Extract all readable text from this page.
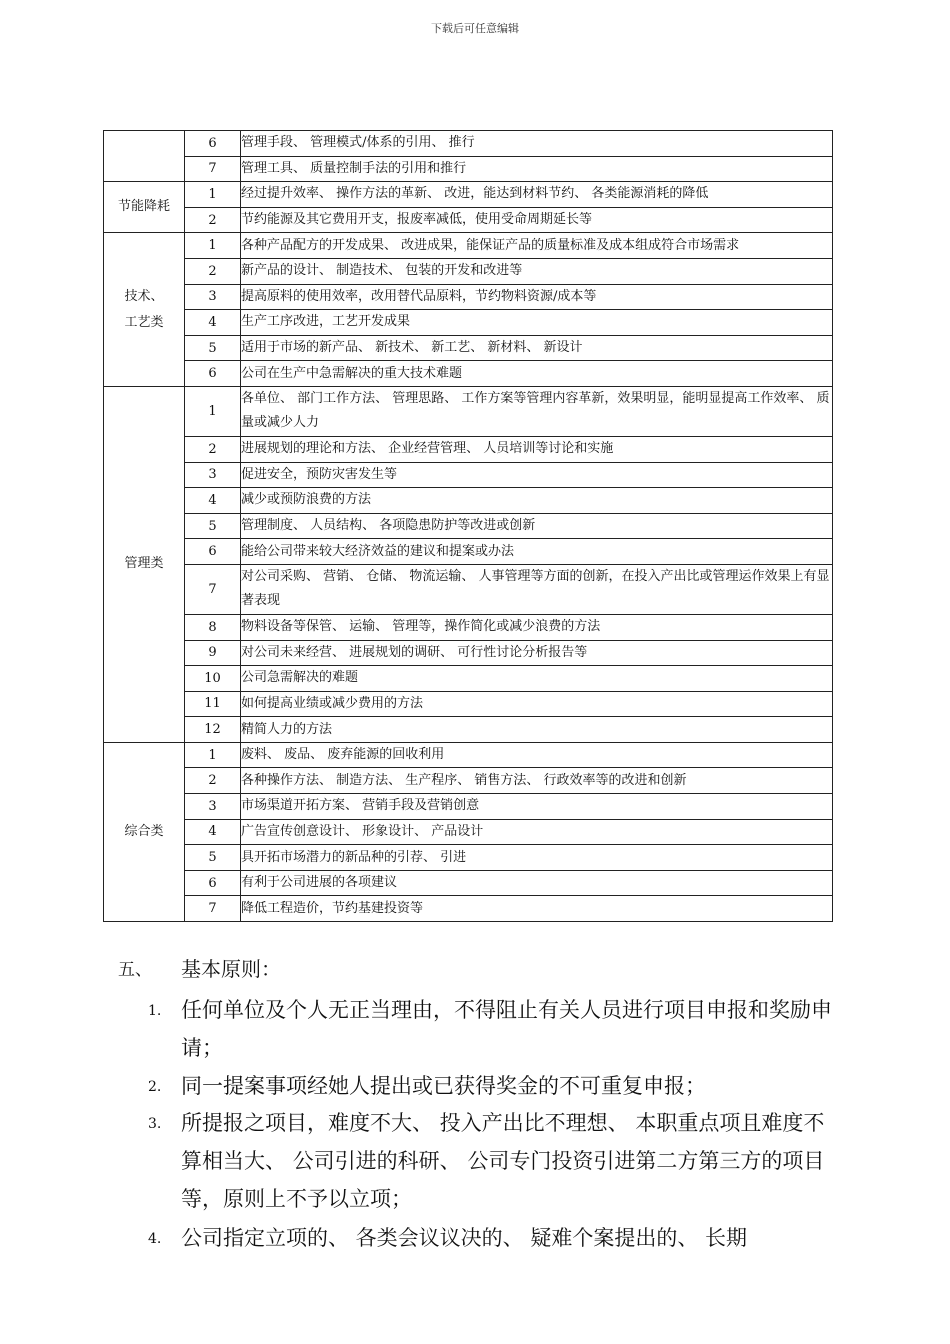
下载后可任意编辑
	6	管理手段、 管理模式/体系的引用、 推行
	7	管理工具、 质量控制手法的引用和推行
节能降耗	1	经过提升效率、 操作方法的革新、 改进，能达到材料节约、 各类能源消耗的降低
	2	节约能源及其它费用开支，报废率减低，使用受命周期延长等
技术、
工艺类	1	各种产品配方的开发成果、 改进成果，能保证产品的质量标准及成本组成符合市场需求
	2	新产品的设计、 制造技术、 包装的开发和改进等
	3	提高原料的使用效率，改用替代品原料，节约物料资源/成本等
	4	生产工序改进，工艺开发成果
	5	适用于市场的新产品、 新技术、 新工艺、 新材料、 新设计
	6	公司在生产中急需解决的重大技术难题
管理类	1	各单位、 部门工作方法、 管理思路、 工作方案等管理内容革新，效果明显，能明显提高工作效率、 质量或减少人力
	2	进展规划的理论和方法、 企业经营管理、 人员培训等讨论和实施
	3	促进安全，预防灾害发生等
	4	减少或预防浪费的方法
	5	管理制度、 人员结构、 各项隐患防护等改进或创新
	6	能给公司带来较大经济效益的建议和提案或办法
	7	对公司采购、 营销、 仓储、 物流运输、 人事管理等方面的创新，在投入产出比或管理运作效果上有显著表现
	8	物料设备等保管、 运输、 管理等，操作简化或减少浪费的方法
	9	对公司未来经营、 进展规划的调研、 可行性讨论分析报告等
	10	公司急需解决的难题
	11	如何提高业绩或减少费用的方法
	12	精简人力的方法
综合类	1	废料、 废品、 废弃能源的回收利用
	2	各种操作方法、 制造方法、 生产程序、 销售方法、 行政效率等的改进和创新
	3	市场渠道开拓方案、 营销手段及营销创意
	4	广告宣传创意设计、 形象设计、 产品设计
	5	具开拓市场潜力的新品种的引荐、 引进
	6	有利于公司进展的各项建议
	7	降低工程造价，节约基建投资等
五、 基本原则：
1. 任何单位及个人无正当理由，不得阻止有关人员进行项目申报和奖励申请；
2. 同一提案事项经她人提出或已获得奖金的不可重复申报；
3. 所提报之项目，难度不大、 投入产出比不理想、 本职重点项且难度不算相当大、 公司引进的科研、 公司专门投资引进第二方第三方的项目等，原则上不予以立项；
4. 公司指定立项的、 各类会议议决的、 疑难个案提出的、 长期
